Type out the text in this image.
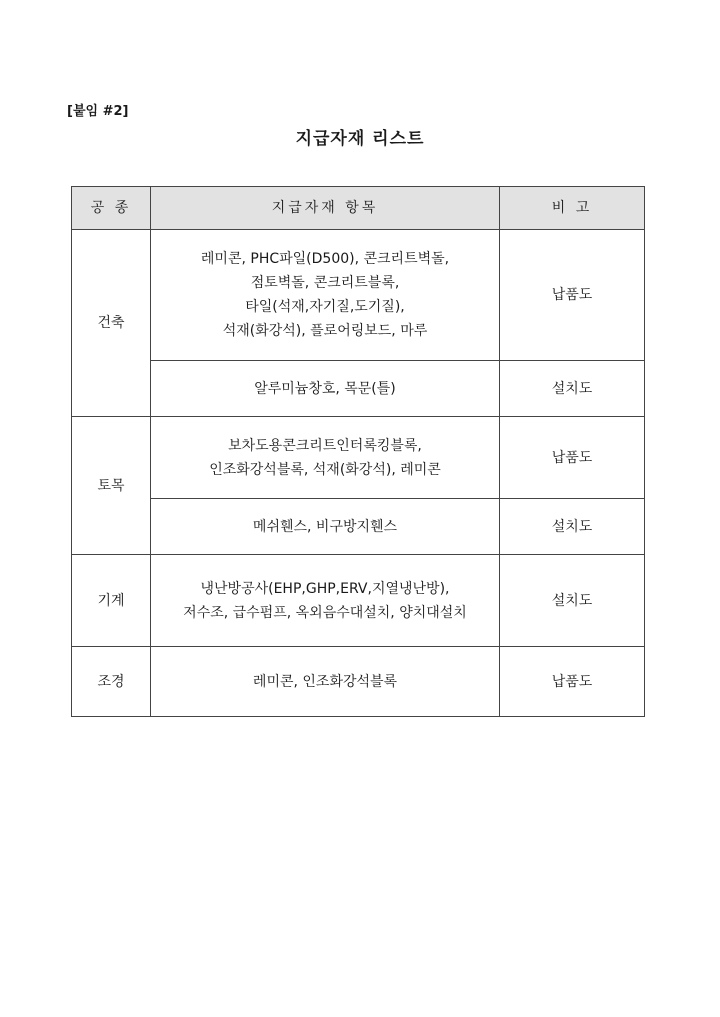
[붙임 #2]
지급자재 리스트
공 종	지급자재 항목	비 고
건축	레미콘, PHC파일(D500), 콘크리트벽돌,
점토벽돌, 콘크리트블록,
타일(석재,자기질,도기질),
석재(화강석), 플로어링보드, 마루	납품도

	알루미늄창호, 목문(틀)	설치도
토목	보차도용콘크리트인터록킹블록,
인조화강석블록, 석재(화강석), 레미콘	납품도

	메쉬휀스, 비구방지휀스	설치도
기계	냉난방공사(EHP,GHP,ERV,지열냉난방),
저수조, 급수펌프, 옥외음수대설치, 양치대설치	설치도
조경	레미콘, 인조화강석블록	납품도
